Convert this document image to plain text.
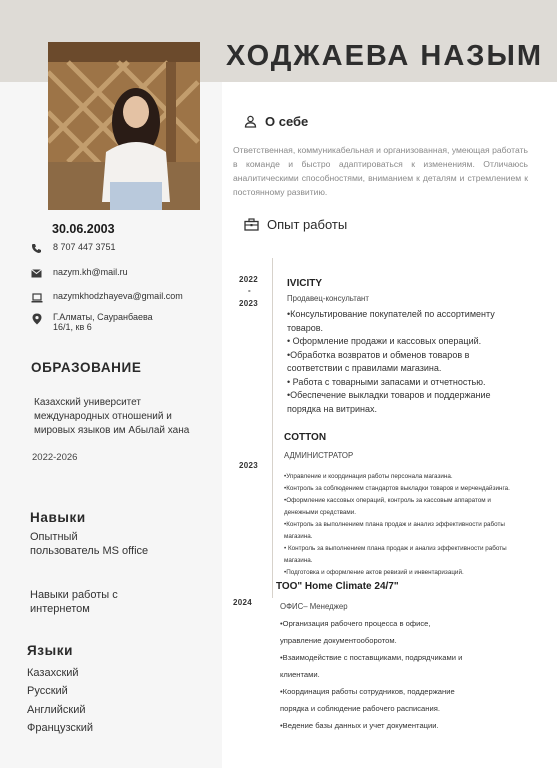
ХОДЖАЕВА НАЗЫМ
30.06.2003
8 707 447 3751
nazym.kh@mail.ru
nazymkhodzhayeva@gmail.com
Г.Алматы, Сауранбаева
16/1, кв 6
ОБРАЗОВАНИЕ
Казахский университет международных отношений и мировых языков им Абылай хана
2022-2026
Навыки
Опытный пользователь MS office
Навыки работы с интернетом
Языки
Казахский
Русский
Английский
Французский
О себе
Ответственная, коммуникабельная и организованная, умеющая работать в команде и быстро адаптироваться к изменениям. Отличаюсь аналитическими способностями, вниманием к деталям и стремлением к постоянному развитию.
Опыт работы
2022
-
2023
IVICITY
Продавец-консультант
•Консультирование покупателей по ассортименту
товаров.
• Оформление продажи и кассовых операций.
•Обработка возвратов и обменов товаров в
соответствии с правилами магазина.
• Работа с товарными запасами и отчетностью.
•Обеспечение выкладки товаров и поддержание
порядка на витринах.
COTTON
АДМИНИСТРАТОР
2023
•Управление и координация работы персонала магазина.
•Контроль за соблюдением стандартов выкладки товаров и мерчендайзинга.
•Оформление кассовых операций, контроль за кассовым аппаратом и
денежными средствами.
•Контроль за выполнением плана продаж и анализ эффективности работы
магазина.
• Контроль за выполнением плана продаж и анализ эффективности работы
магазина.
•Подготовка и оформление актов ревизий и инвентаризаций.
ТОО" Home Climate 24/7"
2024	ОФИС– Менеджер
•Организация рабочего процесса в офисе,
управление документооборотом.
•Взаимодействие с поставщиками, подрядчиками и
клиентами.
•Координация работы сотрудников, поддержание
порядка и соблюдение рабочего расписания.
•Ведение базы данных и учет документации.
